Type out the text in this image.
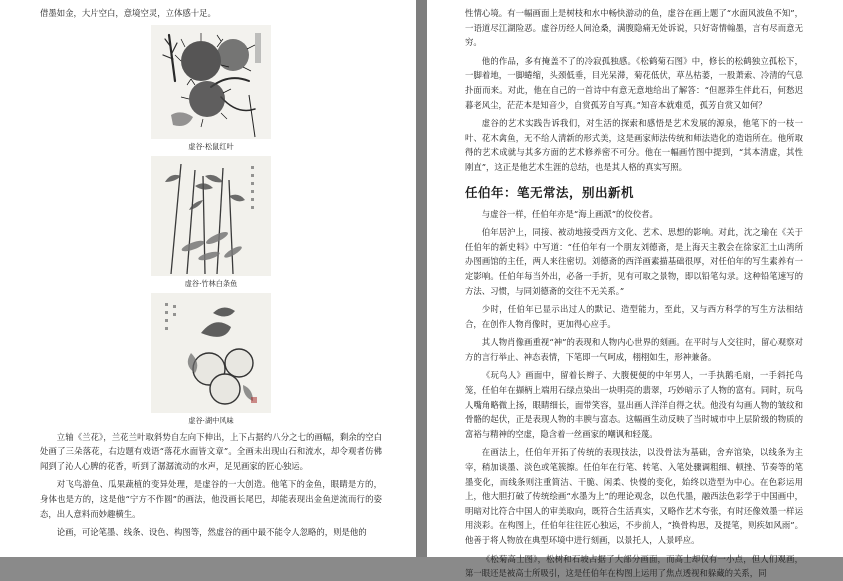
借墨如金，大片空白，意境空灵，立体感十足。

虚谷·松鼠红叶
虚谷·竹林白条鱼
虚谷·湖中风味

立轴《兰花》，兰花兰叶取斜势自左向下伸出，上下占据约八分之七的画幅，剩余的空白处画了三朵落花，右边题有戏语“落花水面皆文章”。全画未出现山石和流水，却令观者仿佛闻到了沁人心脾的花香，听到了潺潺流动的水声，足见画家的匠心独运。

对飞鸟游鱼、瓜果蔬植的变异处理，是虚谷的一大创造。他笔下的金鱼，眼睛是方的，身体也是方的，这是他“宁方不作圆”的画法，他没画长尾巴，却能表现出金鱼逆流而行的姿态，出人意料而妙趣横生。

论画，可论笔墨、线条、设色、构图等，然虚谷的画中最不能令人忽略的，则是他的

性情心境。有一幅画面上是树枝和水中畅快游动的鱼，虚谷在画上题了“水面风波鱼不知”，一语道尽江湖险恶。虚谷历经人间沧桑，满腹隐痛无处诉说，只好寄情翰墨，言有尽而意无穷。

他的作品，多有掩盖不了的冷寂孤独感。《松鹤菊石图》中，修长的松鹤独立孤松下，一脚着地，一脚蜷缩，头颈低垂，目光呆滞，菊花低伏，草丛枯萎，一股萧索、冷清的气息扑面而来。对此，他在自己的一首诗中有意无意地给出了解答：“但愿莽生伴此石，何愁迟暮老风尘，茫茫本是知音少，自赏孤芳自写真。”知音本就难觅，孤芳自赏又如何？

虚谷的艺术实践告诉我们，对生活的探索和感悟是艺术发展的源泉，他笔下的一枝一叶、花木禽鱼，无不给人清新的形式美，这是画家师法传统和师法造化的造诣所在。他所取得的艺术成就与其多方面的艺术修养密不可分。他在一幅画竹图中提到，“其本清虚，其性刚直”，这正是他艺术生涯的总结，也是其人格的真实写照。

任伯年：笔无常法，别出新机

与虚谷一样，任伯年亦是“海上画派”的佼佼者。

伯年居沪上，同接、被动地接受西方文化、艺术、思想的影响。对此，沈之瑜在《关于任伯年的新史料》中写道：“任伯年有一个朋友刘德斋，是上海天主教会在徐家汇土山湾所办图画馆的主任，两人来往密切。刘德斋的西洋画素描基础很厚，对任伯年的写生素养有一定影响。任伯年每当外出，必备一手折，见有可取之景物，即以铅笔勾录。这种铅笔速写的方法、习惯，与同刘德斋的交往不无关系。”

少时，任伯年已显示出过人的默记、造型能力，至此，又与西方科学的写生方法相结合，在创作人物肖像时，更加得心应手。

其人物肖像画重视“神”的表现和人物内心世界的刻画。在平时与人交往时，留心观察对方的言行举止、神态表情，下笔即一气呵成，栩栩如生，形神兼备。

《玩鸟人》画面中，留着长辫子、大腹便便的中年男人，一手执鹅毛扇，一手斜托鸟笼，任伯年在撷柄上端用石绿点染出一块明亮的翡翠，巧妙暗示了人物的富有。同时，玩鸟人嘴角略微上扬，眼睛细长，面带笑容，显出画人洋洋自得之状。他没有勾画人物的皱纹和骨骼的起伏，正是表现人物的丰腴与富态。这幅画生动反映了当时城市中上层阶级的物质的富裕与精神的空虚，隐含着一丝画家的嘲讽和轻蔑。

在画法上，任伯年开拓了传统的表现技法，以没骨法为基础，舍弃涫染，以线条为主宰，稍加谈墨、淡色或笔簇擦。任伯年在行笔、转笔、入笔处骤调粗细、顿挫、节奏等的笔墨变化，而线条则注重简洁、干脆、闲柔、快慢的变化，始终以造型为中心。在色彩运用上，他大胆打破了传统绘画“水墨为上”的理论观念，以色代墨，融西法色彩学于中国画中，明暗对比符合中国人的审美取向，既符合生活真实，又略作艺术夸张，有时还像效墨一样运用淡彩。在构图上，任伯年往往匠心独运，不步前人，“换骨构思，及提笔，则疾如风雨”。他善于将人物放在典型环境中进行刻画，以景托人，人景呼应。

《松菊高士图》，松树和石坡占据了大部分画面，而高士却仅有一小点，但人们观画，第一眼还是被高士所吸引，这是任伯年在构图上运用了焦点透视和躲藏的关系，同
